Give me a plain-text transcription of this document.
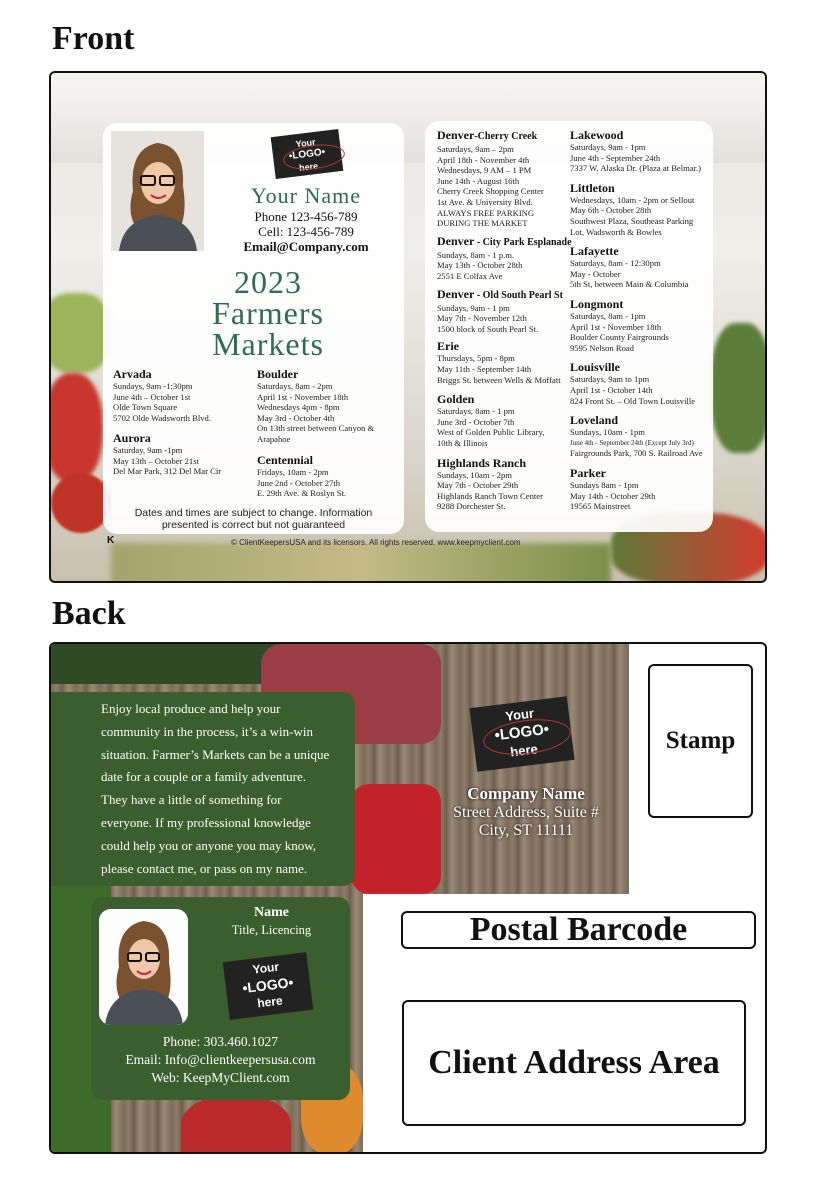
Front
Your
•LOGO•
here
Your Name
Phone 123-456-789
Cell: 123-456-789
Email@Company.com
2023
Farmers
Markets
Arvada
Sundays, 9am -1:30pm
June 4th – October 1st
Olde Town Square
5702 Olde Wadsworth Blvd.
Aurora
Saturday, 9am -1pm
May 13th – October 21st
Del Mar Park, 312 Del Mar Cir
Boulder
Saturdays, 8am - 2pm
April 1st - November 18th
Wednesdays 4pm - 8pm
May 3rd - October 4th
On 13th street between Canyon &
Arapahoe
Centennial
Fridays, 10am - 2pm
June 2nd - October 27th
E. 29th Ave. & Roslyn St.
Dates and times are subject to change. Information
presented is correct but not guaranteed
Denver-Cherry Creek
Saturdays, 9am – 2pm
April 18th - November 4th
Wednesdays, 9 AM – 1 PM
June 14th - August 16th
Cherry Creek Shopping Center
1st Ave. & University Blvd.
ALWAYS FREE PARKING
DURING THE MARKET
Denver - City Park Esplanade
Sundays, 8am - 1 p.m.
May 13th - October 28th
2551 E Colfax Ave
Denver - Old South Pearl St
Sundays, 9am - 1 pm
May 7th - November 12th
1500 block of South Pearl St.
Erie
Thursdays, 5pm - 8pm
May 11th - September 14th
Briggs St. between Wells & Moffatt
Golden
Saturdays, 8am - 1 pm
June 3rd - October 7th
West of Golden Public Library,
10th & Illinois
Highlands Ranch
Sundays, 10am - 2pm
May 7th - October 29th
Highlands Ranch Town Center
9288 Dorchester St.
Lakewood
Saturdays, 9am - 1pm
June 4th - September 24th
7337 W. Alaska Dr. (Plaza at Belmar.)
Littleton
Wednesdays, 10am - 2pm or Sellout
May 6th - October 28th
Southwest Plaza, Southeast Parking
Lot, Wadsworth & Bowles
Lafayette
Saturdays, 8am - 12:30pm
May - October
5th St, between Main & Columbia
Longmont
Saturdays, 8am - 1pm
April 1st - November 18th
Boulder County Fairgrounds
9595 Nelson Road
Louisville
Saturdays, 9am to 1pm
April 1st - October 14th
824 Front St. – Old Town Louisville
Loveland
Sundays, 10am - 1pm
June 4th - September 24th (Except July 3rd)
Fairgrounds Park, 700 S. Railroad Ave
Parker
Sundays 8am - 1pm
May 14th - October 29th
19565 Mainstreet
K	© ClientKeepersUSA and its licensors. All rights reserved. www.keepmyclient.com
Back
Enjoy local produce and help your
community in the process, it’s a win-win
situation. Farmer’s Markets can be a unique
date for a couple or a family adventure.
They have a little of something for
everyone. If my professional knowledge
could help you or anyone you may know,
please contact me, or pass on my name.
Your
•LOGO•
here
Company Name
Street Address, Suite #
City, ST 11111
Name
Title, Licencing
Your
•LOGO•
here
Phone: 303.460.1027
Email: Info@clientkeepersusa.com
Web: KeepMyClient.com
Stamp
Postal Barcode
Client Address Area
